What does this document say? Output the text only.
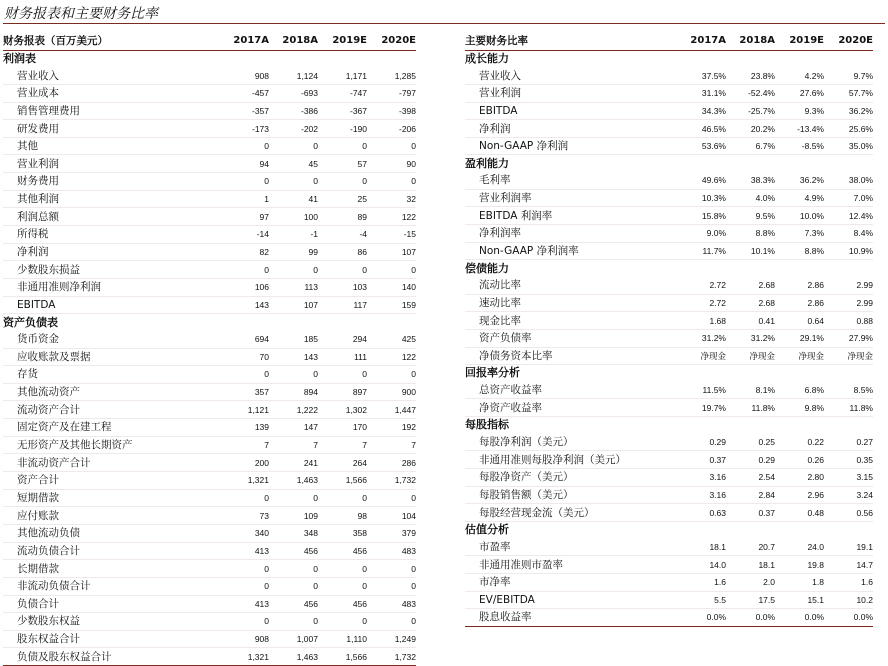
财务报表和主要财务比率
财务报表（百万美元）	2017A	2018A	2019E	2020E
利润表				
营业收入	908	1,124	1,171	1,285
营业成本	-457	-693	-747	-797
销售管理费用	-357	-386	-367	-398
研发费用	-173	-202	-190	-206
其他	0	0	0	0
营业利润	94	45	57	90
财务费用	0	0	0	0
其他利润	1	41	25	32
利润总额	97	100	89	122
所得税	-14	-1	-4	-15
净利润	82	99	86	107
少数股东损益	0	0	0	0
非通用准则净利润	106	113	103	140
EBITDA	143	107	117	159
资产负债表				
货币资金	694	185	294	425
应收账款及票据	70	143	111	122
存货	0	0	0	0
其他流动资产	357	894	897	900
流动资产合计	1,121	1,222	1,302	1,447
固定资产及在建工程	139	147	170	192
无形资产及其他长期资产	7	7	7	7
非流动资产合计	200	241	264	286
资产合计	1,321	1,463	1,566	1,732
短期借款	0	0	0	0
应付账款	73	109	98	104
其他流动负债	340	348	358	379
流动负债合计	413	456	456	483
长期借款	0	0	0	0
非流动负债合计	0	0	0	0
负债合计	413	456	456	483
少数股东权益	0	0	0	0
股东权益合计	908	1,007	1,110	1,249
负债及股东权益合计	1,321	1,463	1,566	1,732
主要财务比率	2017A	2018A	2019E	2020E
成长能力				
营业收入	37.5%	23.8%	4.2%	9.7%
营业利润	31.1%	-52.4%	27.6%	57.7%
EBITDA	34.3%	-25.7%	9.3%	36.2%
净利润	46.5%	20.2%	-13.4%	25.6%
Non-GAAP 净利润	53.6%	6.7%	-8.5%	35.0%
盈利能力				
毛利率	49.6%	38.3%	36.2%	38.0%
营业利润率	10.3%	4.0%	4.9%	7.0%
EBITDA 利润率	15.8%	9.5%	10.0%	12.4%
净利润率	9.0%	8.8%	7.3%	8.4%
Non-GAAP 净利润率	11.7%	10.1%	8.8%	10.9%
偿债能力				
流动比率	2.72	2.68	2.86	2.99
速动比率	2.72	2.68	2.86	2.99
现金比率	1.68	0.41	0.64	0.88
资产负债率	31.2%	31.2%	29.1%	27.9%
净债务资本比率	净现金	净现金	净现金	净现金
回报率分析				
总资产收益率	11.5%	8.1%	6.8%	8.5%
净资产收益率	19.7%	11.8%	9.8%	11.8%
每股指标				
每股净利润（美元）	0.29	0.25	0.22	0.27
非通用准则每股净利润（美元）	0.37	0.29	0.26	0.35
每股净资产（美元）	3.16	2.54	2.80	3.15
每股销售额（美元）	3.16	2.84	2.96	3.24
每股经营现金流（美元）	0.63	0.37	0.48	0.56
估值分析				
市盈率	18.1	20.7	24.0	19.1
非通用准则市盈率	14.0	18.1	19.8	14.7
市净率	1.6	2.0	1.8	1.6
EV/EBITDA	5.5	17.5	15.1	10.2
股息收益率	0.0%	0.0%	0.0%	0.0%
